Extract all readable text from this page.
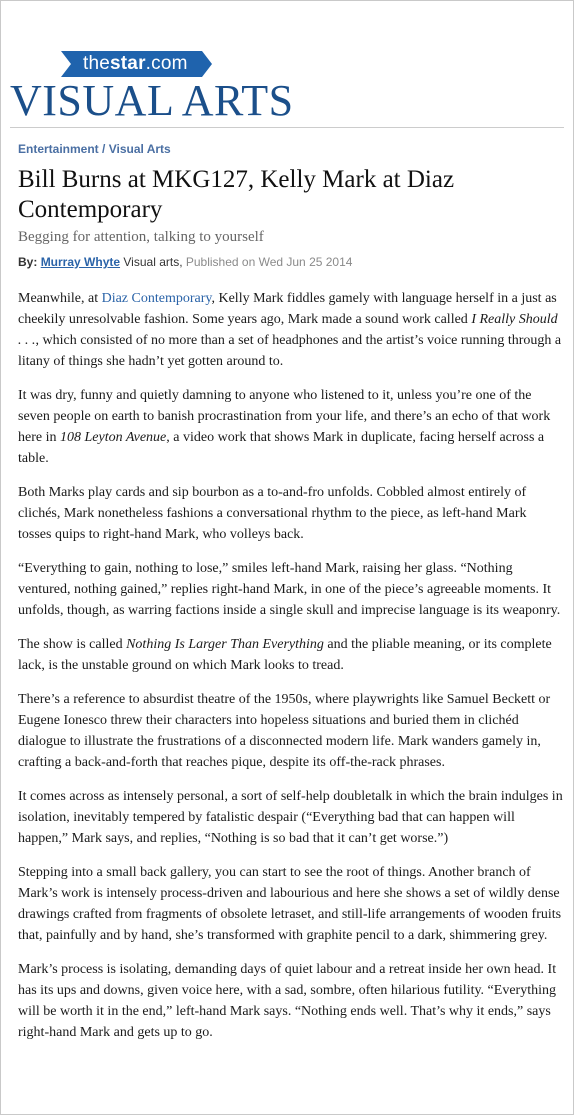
thestar.com
VISUAL ARTS
Entertainment / Visual Arts
Bill Burns at MKG127, Kelly Mark at Diaz Contemporary
Begging for attention, talking to yourself
By: Murray Whyte Visual arts, Published on Wed Jun 25 2014

Meanwhile, at Diaz Contemporary, Kelly Mark fiddles gamely with language herself in a just as cheekily unresolvable fashion. Some years ago, Mark made a sound work called I Really Should . . ., which consisted of no more than a set of headphones and the artist’s voice running through a litany of things she hadn’t yet gotten around to.

It was dry, funny and quietly damning to anyone who listened to it, unless you’re one of the seven people on earth to banish procrastination from your life, and there’s an echo of that work here in 108 Leyton Avenue, a video work that shows Mark in duplicate, facing herself across a table.

Both Marks play cards and sip bourbon as a to-and-fro unfolds. Cobbled almost entirely of clichés, Mark nonetheless fashions a conversational rhythm to the piece, as left-hand Mark tosses quips to right-hand Mark, who volleys back.

“Everything to gain, nothing to lose,” smiles left-hand Mark, raising her glass. “Nothing ventured, nothing gained,” replies right-hand Mark, in one of the piece’s agreeable moments. It unfolds, though, as warring factions inside a single skull and imprecise language is its weaponry.

The show is called Nothing Is Larger Than Everything and the pliable meaning, or its complete lack, is the unstable ground on which Mark looks to tread.

There’s a reference to absurdist theatre of the 1950s, where playwrights like Samuel Beckett or Eugene Ionesco threw their characters into hopeless situations and buried them in clichéd dialogue to illustrate the frustrations of a disconnected modern life. Mark wanders gamely in, crafting a back-and-forth that reaches pique, despite its off-the-rack phrases.

It comes across as intensely personal, a sort of self-help doubletalk in which the brain indulges in isolation, inevitably tempered by fatalistic despair (“Everything bad that can happen will happen,” Mark says, and replies, “Nothing is so bad that it can’t get worse.”)

Stepping into a small back gallery, you can start to see the root of things. Another branch of Mark’s work is intensely process-driven and labourious and here she shows a set of wildly dense drawings crafted from fragments of obsolete letraset, and still-life arrangements of wooden fruits that, painfully and by hand, she’s transformed with graphite pencil to a dark, shimmering grey.

Mark’s process is isolating, demanding days of quiet labour and a retreat inside her own head. It has its ups and downs, given voice here, with a sad, sombre, often hilarious futility. “Everything will be worth it in the end,” left-hand Mark says. “Nothing ends well. That’s why it ends,” says right-hand Mark and gets up to go.
